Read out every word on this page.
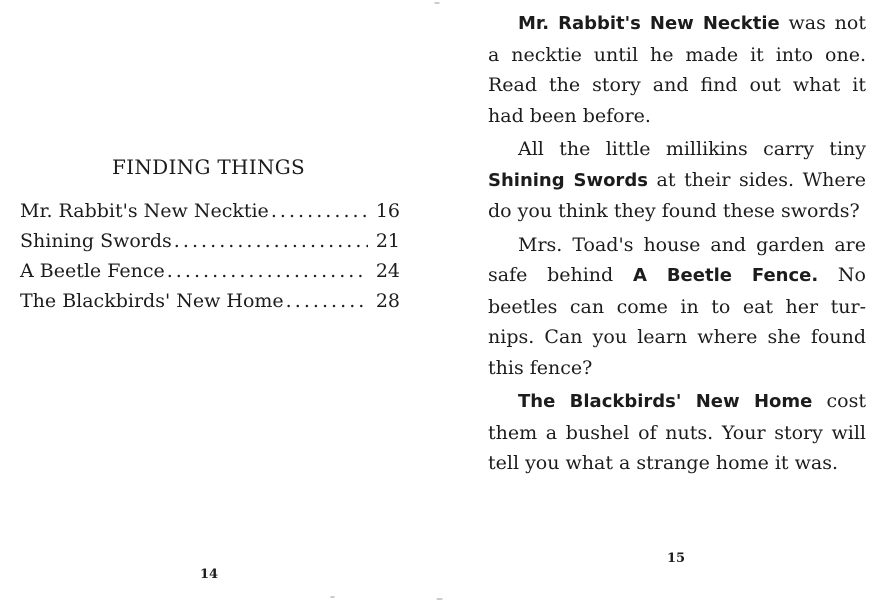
FINDING THINGS
Mr. Rabbit's New Necktie . . .	16
Shining Swords . . .	21
A Beetle Fence . . .	24
The Blackbirds' New Home . . .	28
14

Mr. Rabbit's New Necktie was not a necktie until he made it into one. Read the story and find out what it had been before.

All the little millikins carry tiny Shining Swords at their sides. Where do you think they found these swords?

Mrs. Toad's house and garden are safe behind A Beetle Fence. No beetles can come in to eat her tur-nips. Can you learn where she found this fence?

The Blackbirds' New Home cost them a bushel of nuts. Your story will tell you what a strange home it was.

15
